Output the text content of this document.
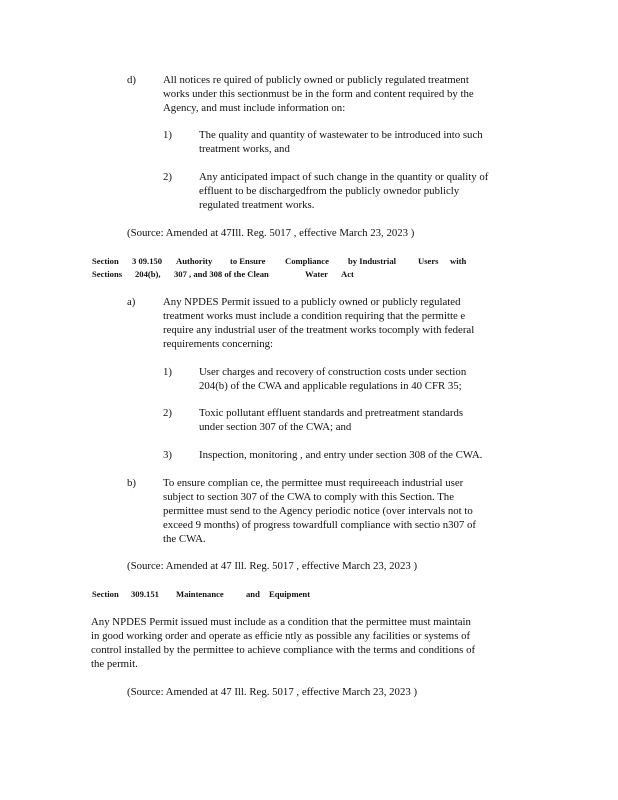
d)	All notices re quired of publicly owned or publicly regulated treatment
works under this sectionmust be in the form and content required by the
Agency, and must include information on:
1)	The quality and quantity of wastewater to be introduced into such
treatment works, and
2)	Any anticipated impact of such change in the quantity or quality of
effluent to be dischargedfrom the publicly ownedor publicly
regulated treatment works.
(Source: Amended at 47Ill. Reg. 5017 , effective March 23, 2023 )
Section 3 09.150 Authority to Ensure Compliance by Industrial	Users with
Sections 204(b), 307 , and 308 of the Clean	Water Act
a)	Any NPDES Permit issued to a publicly owned or publicly regulated
treatment works must include a condition requiring that the permitte e
require any industrial user of the treatment works tocomply with federal
requirements concerning:
1)	User charges and recovery of construction costs under section
204(b) of the CWA and applicable regulations in 40 CFR 35;
2)	Toxic pollutant effluent standards and pretreatment standards
under section 307 of the CWA; and
3)	Inspection, monitoring , and entry under section 308 of the CWA.
b)	To ensure complian ce, the permittee must requireeach industrial user
subject to section 307 of the CWA to comply with this Section. The
permittee must send to the Agency periodic notice (over intervals not to
exceed 9 months) of progress towardfull compliance with sectio n307 of
the CWA.
(Source: Amended at 47 Ill. Reg. 5017 , effective March 23, 2023 )
Section 309.151 Maintenance	and Equipment
Any NPDES Permit issued must include as a condition that the permittee must maintain
in good working order and operate as efficie ntly as possible any facilities or systems of
control installed by the permittee to achieve compliance with the terms and conditions of
the permit.
(Source: Amended at 47 Ill. Reg. 5017 , effective March 23, 2023 )
